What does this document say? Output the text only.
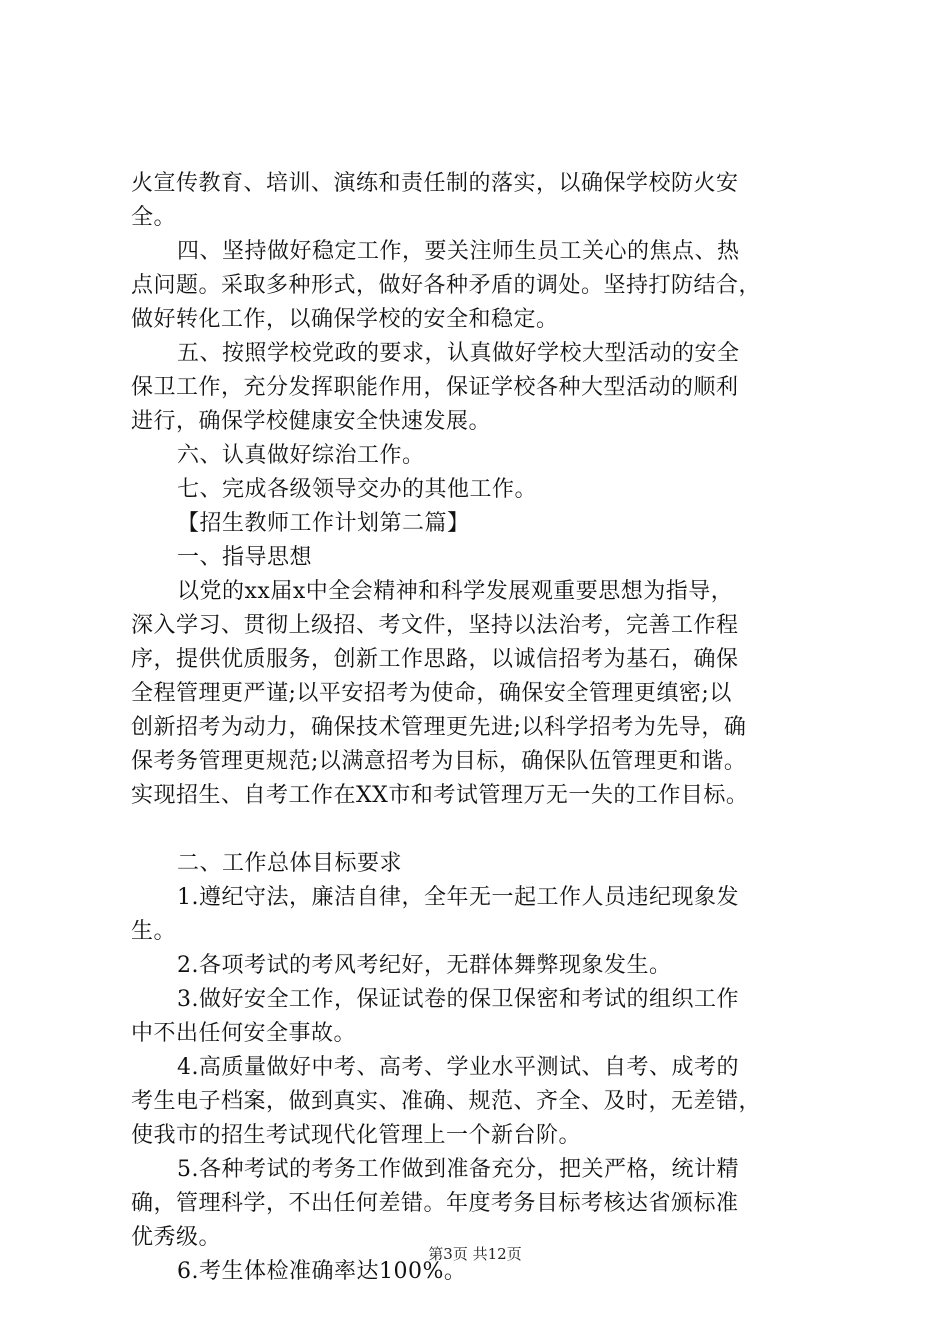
火宣传教育、培训、演练和责任制的落实，以确保学校防火安
全。
四、坚持做好稳定工作，要关注师生员工关心的焦点、热
点问题。采取多种形式，做好各种矛盾的调处。坚持打防结合，
做好转化工作，以确保学校的安全和稳定。
五、按照学校党政的要求，认真做好学校大型活动的安全
保卫工作，充分发挥职能作用，保证学校各种大型活动的顺利
进行，确保学校健康安全快速发展。
六、认真做好综治工作。
七、完成各级领导交办的其他工作。
【招生教师工作计划第二篇】
一、指导思想
以党的xx届x中全会精神和科学发展观重要思想为指导，
深入学习、贯彻上级招、考文件，坚持以法治考，完善工作程
序，提供优质服务，创新工作思路，以诚信招考为基石，确保
全程管理更严谨;以平安招考为使命，确保安全管理更缜密;以
创新招考为动力，确保技术管理更先进;以科学招考为先导，确
保考务管理更规范;以满意招考为目标，确保队伍管理更和谐。
实现招生、自考工作在XX市和考试管理万无一失的工作目标。
二、工作总体目标要求
1.遵纪守法，廉洁自律，全年无一起工作人员违纪现象发
生。
2.各项考试的考风考纪好，无群体舞弊现象发生。
3.做好安全工作，保证试卷的保卫保密和考试的组织工作
中不出任何安全事故。
4.高质量做好中考、高考、学业水平测试、自考、成考的
考生电子档案，做到真实、准确、规范、齐全、及时，无差错，
使我市的招生考试现代化管理上一个新台阶。
5.各种考试的考务工作做到准备充分，把关严格，统计精
确，管理科学，不出任何差错。年度考务目标考核达省颁标准
优秀级。
6.考生体检准确率达100%。
第3页 共12页
